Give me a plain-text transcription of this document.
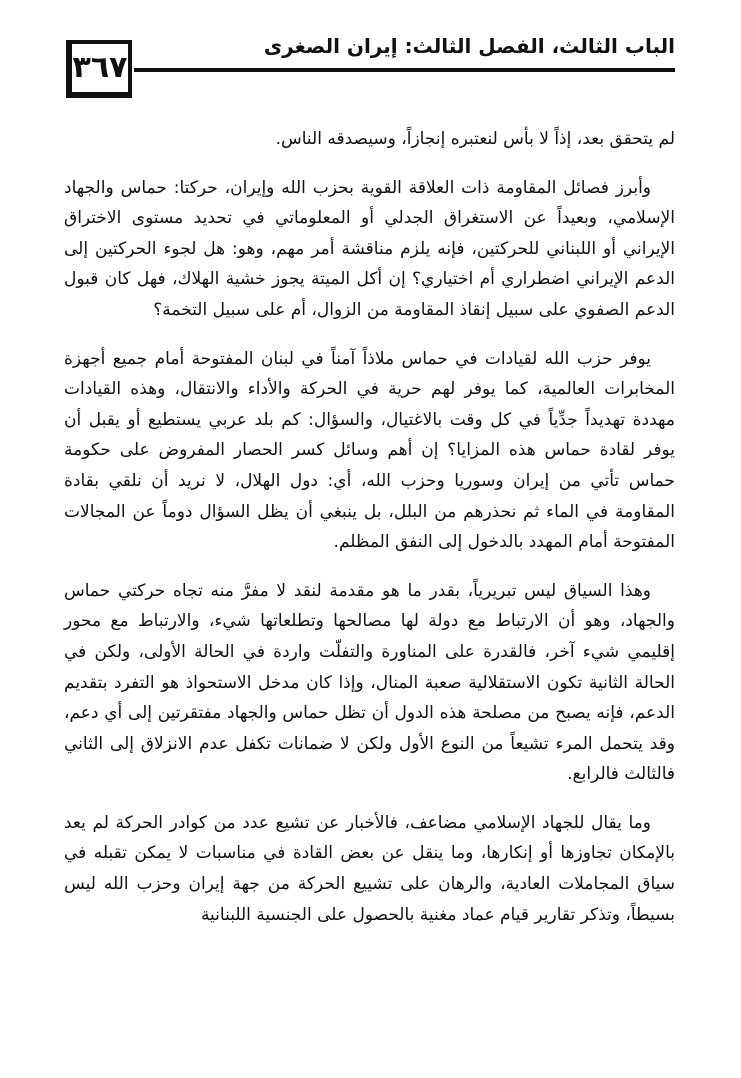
الباب الثالث، الفصل الثالث: إيران الصغرى
٣٦٧

لم يتحقق بعد، إذاً لا بأس لنعتبره إنجازاً، وسيصدقه الناس.

وأبرز فصائل المقاومة ذات العلاقة القوية بحزب الله وإيران، حركتا: حماس والجهاد الإسلامي، وبعيداً عن الاستغراق الجدلي أو المعلوماتي في تحديد مستوى الاختراق الإيراني أو اللبناني للحركتين، فإنه يلزم مناقشة أمر مهم، وهو: هل لجوء الحركتين إلى الدعم الإيراني اضطراري أم اختياري؟ إن أكل الميتة يجوز خشية الهلاك، فهل كان قبول الدعم الصفوي على سبيل إنقاذ المقاومة من الزوال، أم على سبيل التخمة؟

يوفر حزب الله لقيادات في حماس ملاذاً آمناً في لبنان المفتوحة أمام جميع أجهزة المخابرات العالمية، كما يوفر لهم حرية في الحركة والأداء والانتقال، وهذه القيادات مهددة تهديداً جدِّياً في كل وقت بالاغتيال، والسؤال: كم بلد عربي يستطيع أو يقبل أن يوفر لقادة حماس هذه المزايا؟ إن أهم وسائل كسر الحصار المفروض على حكومة حماس تأتي من إيران وسوريا وحزب الله، أي: دول الهلال، لا نريد أن نلقي بقادة المقاومة في الماء ثم نحذرهم من البلل، بل ينبغي أن يظل السؤال دوماً عن المجالات المفتوحة أمام المهدد بالدخول إلى النفق المظلم.

وهذا السياق ليس تبريرياً، بقدر ما هو مقدمة لنقد لا مفرَّ منه تجاه حركتي حماس والجهاد، وهو أن الارتباط مع دولة لها مصالحها وتطلعاتها شيء، والارتباط مع محور إقليمي شيء آخر، فالقدرة على المناورة والتفلّت واردة في الحالة الأولى، ولكن في الحالة الثانية تكون الاستقلالية صعبة المنال، وإذا كان مدخل الاستحواذ هو التفرد بتقديم الدعم، فإنه يصبح من مصلحة هذه الدول أن تظل حماس والجهاد مفتقرتين إلى أي دعم، وقد يتحمل المرء تشيعاً من النوع الأول ولكن لا ضمانات تكفل عدم الانزلاق إلى الثاني فالثالث فالرابع.

وما يقال للجهاد الإسلامي مضاعف، فالأخبار عن تشيع عدد من كوادر الحركة لم يعد بالإمكان تجاوزها أو إنكارها، وما ينقل عن بعض القادة في مناسبات لا يمكن تقبله في سياق المجاملات العادية، والرهان على تشييع الحركة من جهة إيران وحزب الله ليس بسيطاً، وتذكر تقارير قيام عماد مغنية بالحصول على الجنسية اللبنانية
